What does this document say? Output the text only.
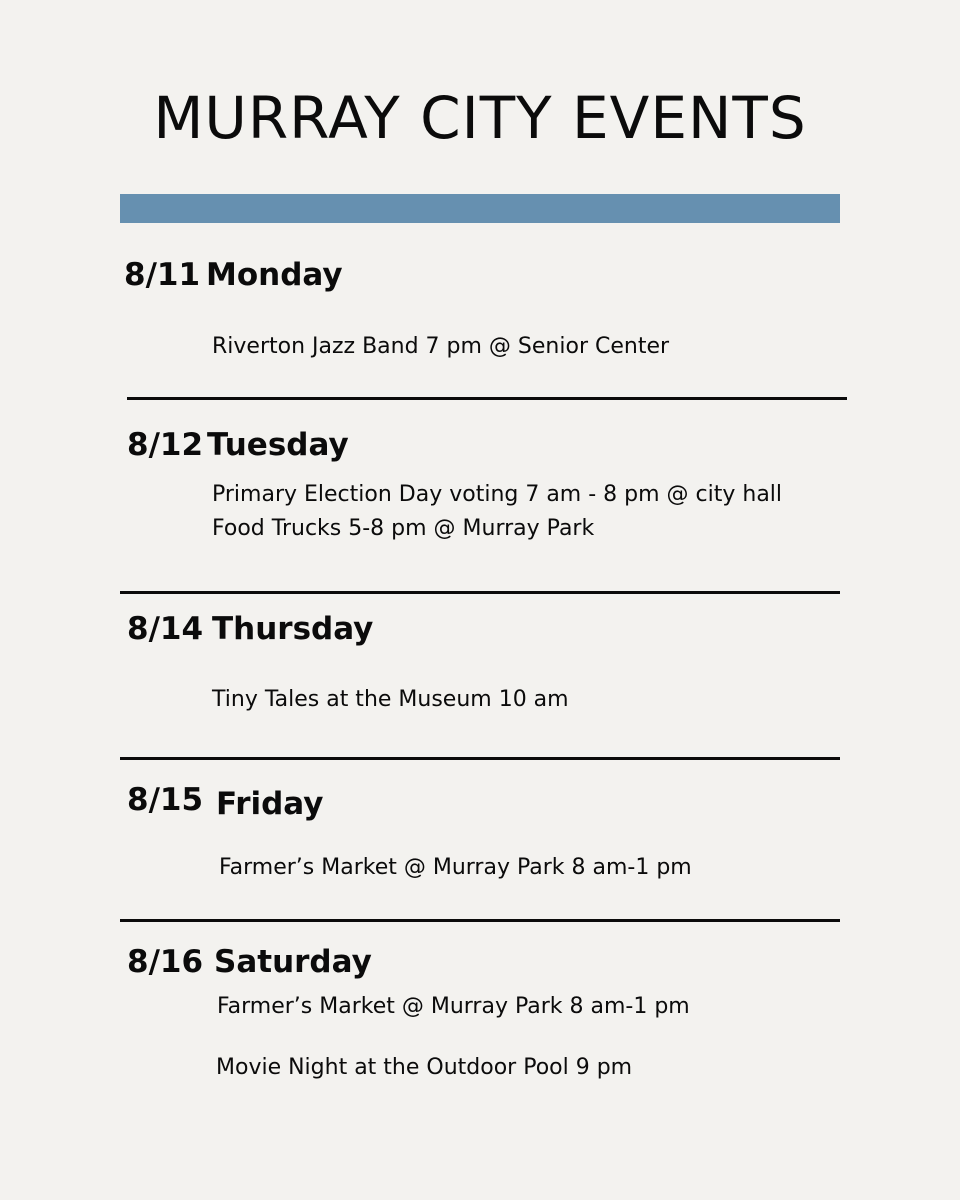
MURRAY CITY EVENTS
8/11 Monday
Riverton Jazz Band 7 pm @ Senior Center
8/12 Tuesday
Primary Election Day voting 7 am - 8 pm @ city hall
Food Trucks 5-8 pm @ Murray Park
8/14 Thursday
Tiny Tales at the Museum 10 am
8/15 Friday
Farmer’s Market @ Murray Park 8 am-1 pm
8/16 Saturday
Farmer’s Market @ Murray Park 8 am-1 pm
Movie Night at the Outdoor Pool 9 pm
